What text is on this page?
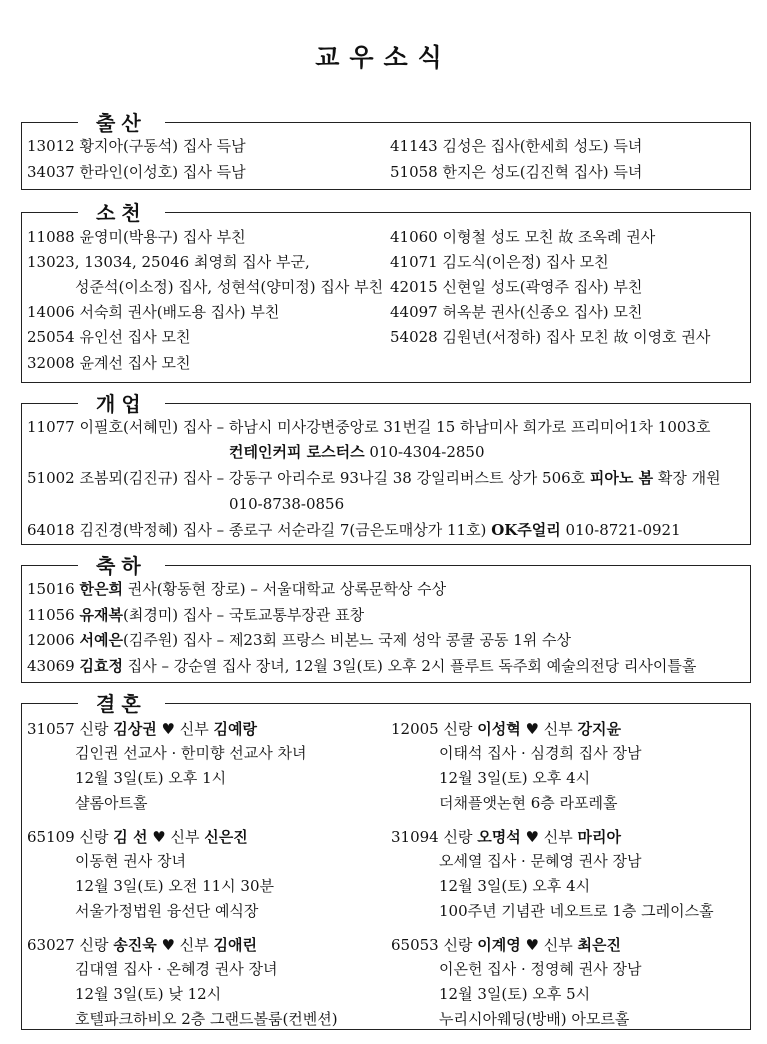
교우소식
출산
13012 황지아(구동석) 집사 득남
34037 한라인(이성호) 집사 득남
41143 김성은 집사(한세희 성도) 득녀
51058 한지은 성도(김진혁 집사) 득녀
소천
11088 윤영미(박용구) 집사 부친
13023, 13034, 25046 최영희 집사 부군,
성준석(이소정) 집사, 성현석(양미정) 집사 부친
14006 서숙희 권사(배도용 집사) 부친
25054 유인선 집사 모친
32008 윤계선 집사 모친
41060 이형철 성도 모친 故 조옥례 권사
41071 김도식(이은정) 집사 모친
42015 신현일 성도(곽영주 집사) 부친
44097 허옥분 권사(신종오 집사) 모친
54028 김원년(서정하) 집사 모친 故 이영호 권사
개업
11077 이필호(서혜민) 집사 – 하남시 미사강변중앙로 31번길 15 하남미사 희가로 프리미어1차 1003호
컨테인커피 로스터스 010-4304-2850
51002 조봄뫼(김진규) 집사 – 강동구 아리수로 93나길 38 강일리버스트 상가 506호 피아노 봄 확장 개원
010-8738-0856
64018 김진경(박정혜) 집사 – 종로구 서순라길 7(금은도매상가 11호) OK주얼리 010-8721-0921
축하
15016 한은희 권사(황동현 장로) – 서울대학교 상록문학상 수상
11056 유재복(최경미) 집사 – 국토교통부장관 표창
12006 서예은(김주원) 집사 – 제23회 프랑스 비본느 국제 성악 콩쿨 공동 1위 수상
43069 김효정 집사 – 강순열 집사 장녀, 12월 3일(토) 오후 2시 플루트 독주회 예술의전당 리사이틀홀
결혼
31057 신랑 김상권 ♥ 신부 김예랑
김인권 선교사 · 한미향 선교사 차녀
12월 3일(토) 오후 1시
샬롬아트홀
12005 신랑 이성혁 ♥ 신부 강지윤
이태석 집사 · 심경희 집사 장남
12월 3일(토) 오후 4시
더채플앳논현 6층 라포레홀
65109 신랑 김 선 ♥ 신부 신은진
이동현 권사 장녀
12월 3일(토) 오전 11시 30분
서울가정법원 융선단 예식장
31094 신랑 오명석 ♥ 신부 마리아
오세열 집사 · 문혜영 권사 장남
12월 3일(토) 오후 4시
100주년 기념관 네오트로 1층 그레이스홀
63027 신랑 송진욱 ♥ 신부 김애린
김대열 집사 · 온혜경 권사 장녀
12월 3일(토) 낮 12시
호텔파크하비오 2층 그랜드볼룸(컨벤션)
65053 신랑 이계영 ♥ 신부 최은진
이온헌 집사 · 정영혜 권사 장남
12월 3일(토) 오후 5시
누리시아웨딩(방배) 아모르홀
